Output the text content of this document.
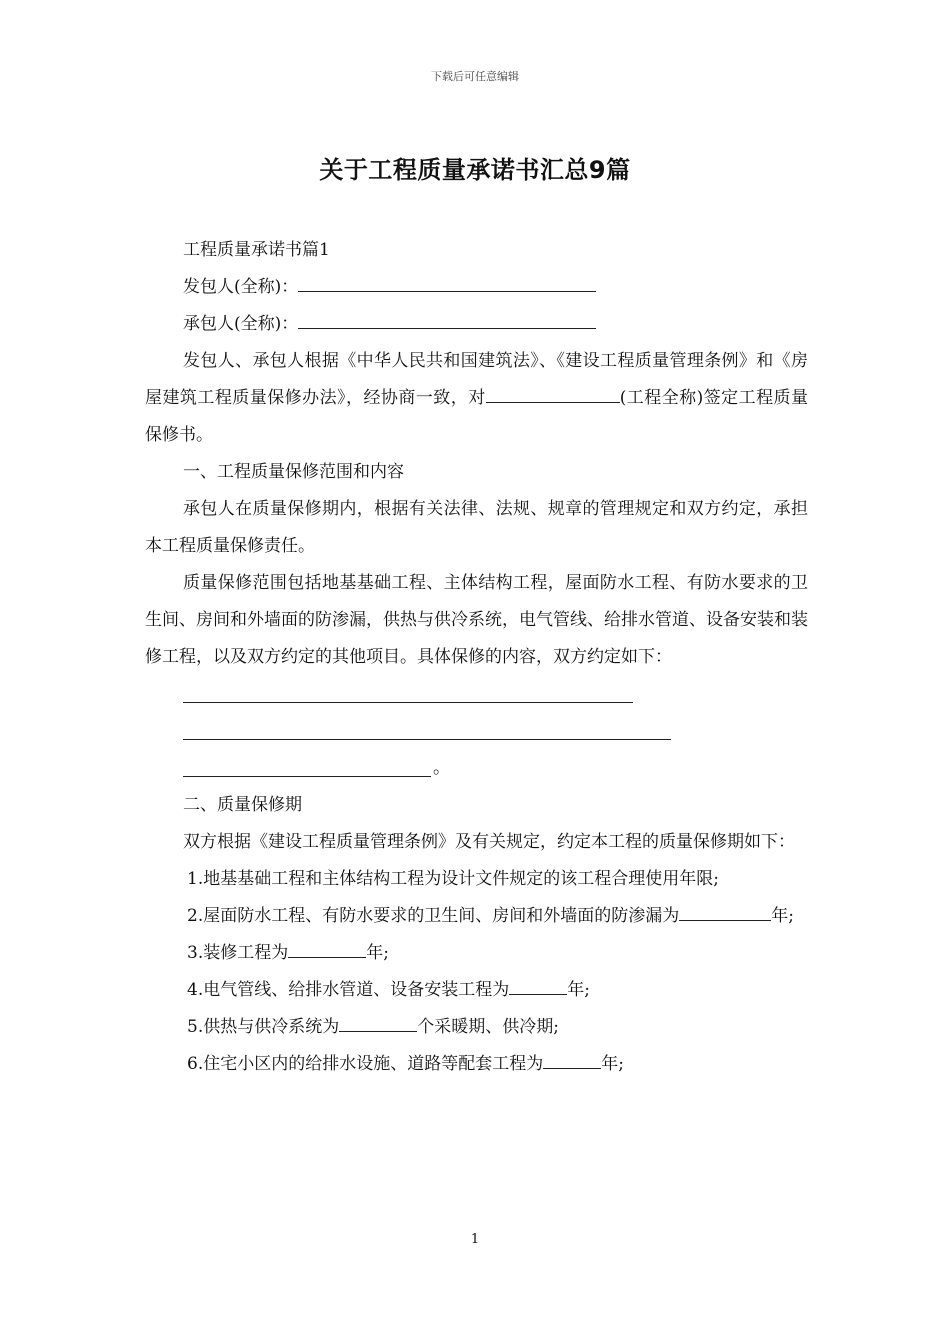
下载后可任意编辑
关于工程质量承诺书汇总9篇

工程质量承诺书篇1

发包人(全称)：

承包人(全称)：

发包人、承包人根据《中华人民共和国建筑法》、《建设工程质量管理条例》和《房屋建筑工程质量保修办法》，经协商一致，对	(工程全称)签定工程质量保修书。

一、工程质量保修范围和内容

承包人在质量保修期内，根据有关法律、法规、规章的管理规定和双方约定，承担本工程质量保修责任。

质量保修范围包括地基基础工程、主体结构工程，屋面防水工程、有防水要求的卫生间、房间和外墙面的防渗漏，供热与供冷系统，电气管线、给排水管道、设备安装和装修工程，以及双方约定的其他项目。具体保修的内容，双方约定如下：

。

二、质量保修期

双方根据《建设工程质量管理条例》及有关规定，约定本工程的质量保修期如下：

1.地基基础工程和主体结构工程为设计文件规定的该工程合理使用年限;

2.屋面防水工程、有防水要求的卫生间、房间和外墙面的防渗漏为	年;

3.装修工程为	年;

4.电气管线、给排水管道、设备安装工程为	年;

5.供热与供冷系统为	个采暖期、供冷期;

6.住宅小区内的给排水设施、道路等配套工程为	年;

1
